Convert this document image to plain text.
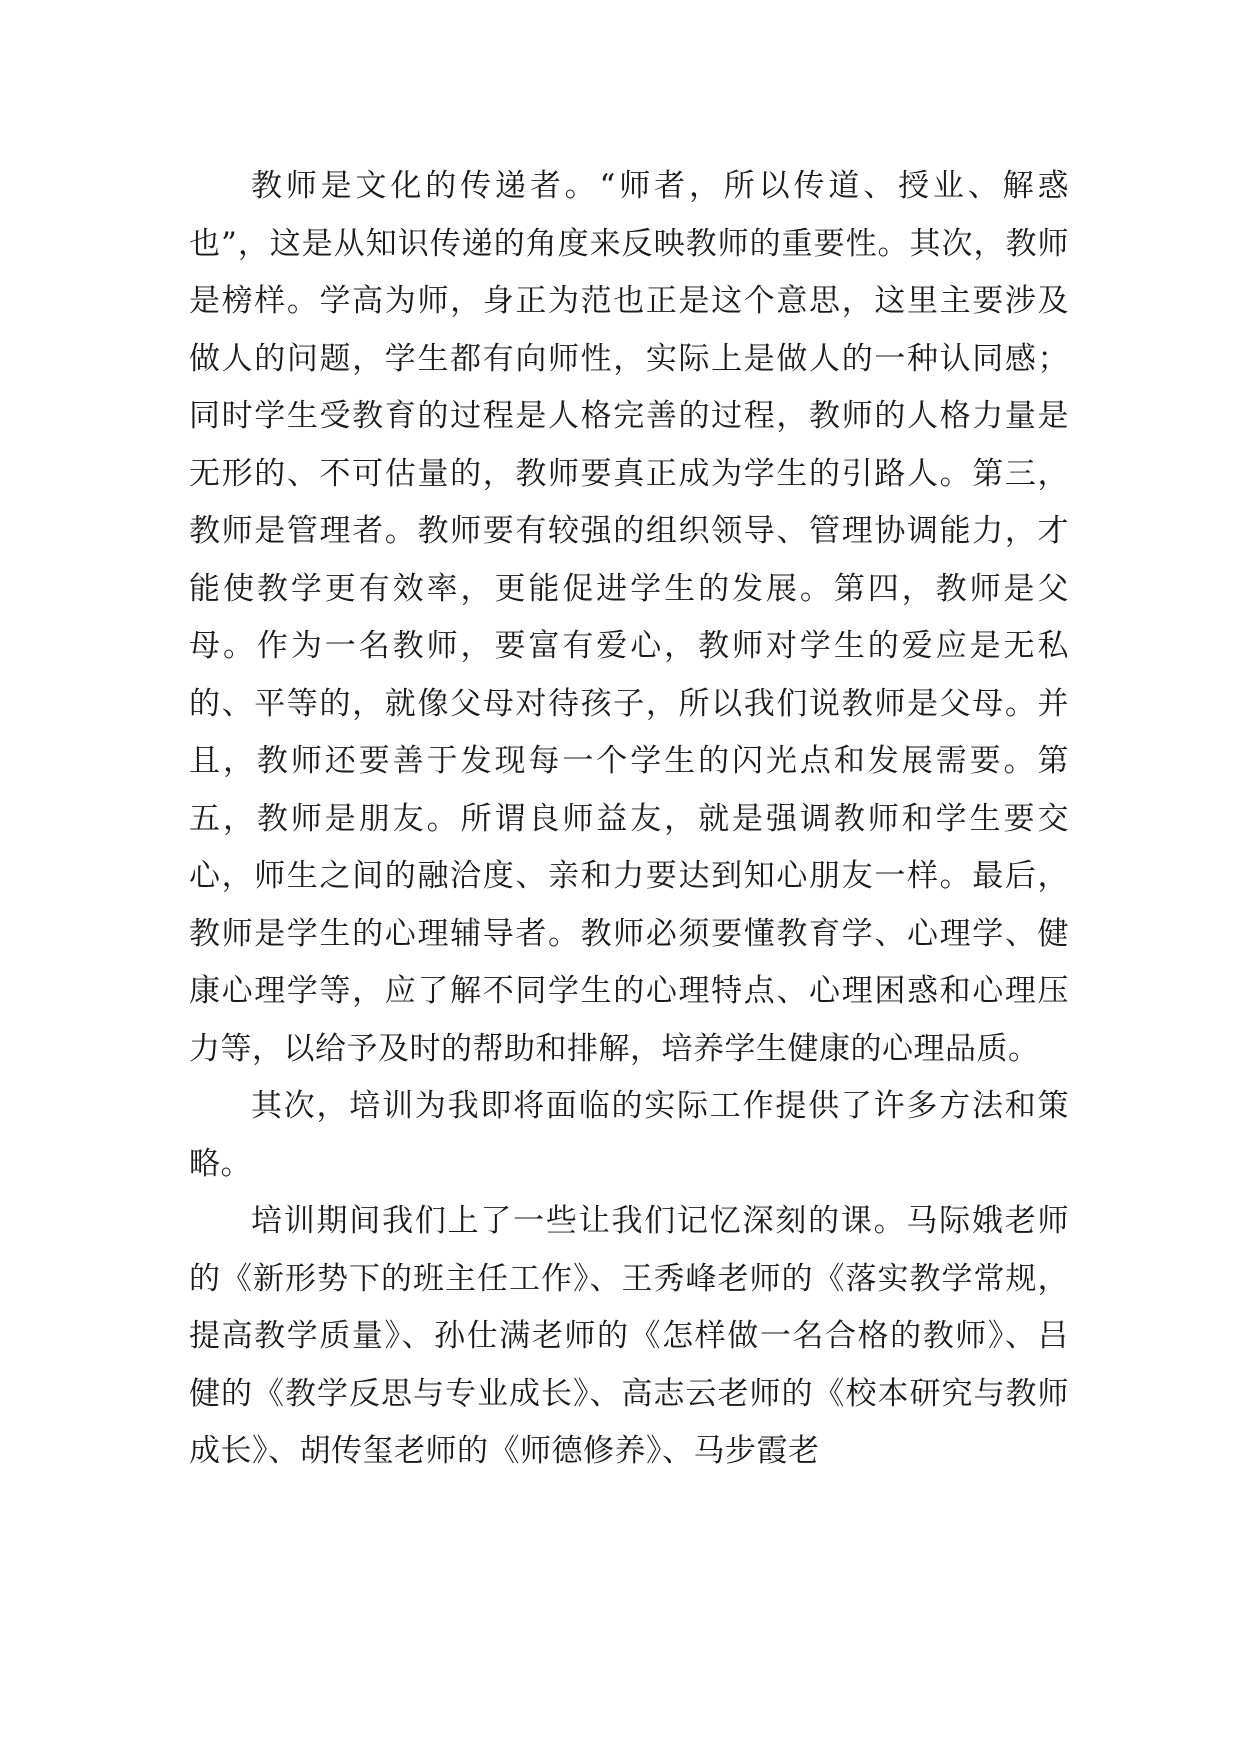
教师是文化的传递者。“师者，所以传道、授业、解惑也”，这是从知识传递的角度来反映教师的重要性。其次，教师是榜样。学高为师，身正为范也正是这个意思，这里主要涉及做人的问题，学生都有向师性，实际上是做人的一种认同感；同时学生受教育的过程是人格完善的过程，教师的人格力量是无形的、不可估量的，教师要真正成为学生的引路人。第三，教师是管理者。教师要有较强的组织领导、管理协调能力，才能使教学更有效率，更能促进学生的发展。第四，教师是父母。作为一名教师，要富有爱心，教师对学生的爱应是无私的、平等的，就像父母对待孩子，所以我们说教师是父母。并且，教师还要善于发现每一个学生的闪光点和发展需要。第五，教师是朋友。所谓良师益友，就是强调教师和学生要交心，师生之间的融洽度、亲和力要达到知心朋友一样。最后，教师是学生的心理辅导者。教师必须要懂教育学、心理学、健康心理学等，应了解不同学生的心理特点、心理困惑和心理压力等，以给予及时的帮助和排解，培养学生健康的心理品质。

其次，培训为我即将面临的实际工作提供了许多方法和策略。

培训期间我们上了一些让我们记忆深刻的课。马际娥老师的《新形势下的班主任工作》、王秀峰老师的《落实教学常规，提高教学质量》、孙仕满老师的《怎样做一名合格的教师》、吕健的《教学反思与专业成长》、高志云老师的《校本研究与教师成长》、胡传玺老师的《师德修养》、马步霞老
